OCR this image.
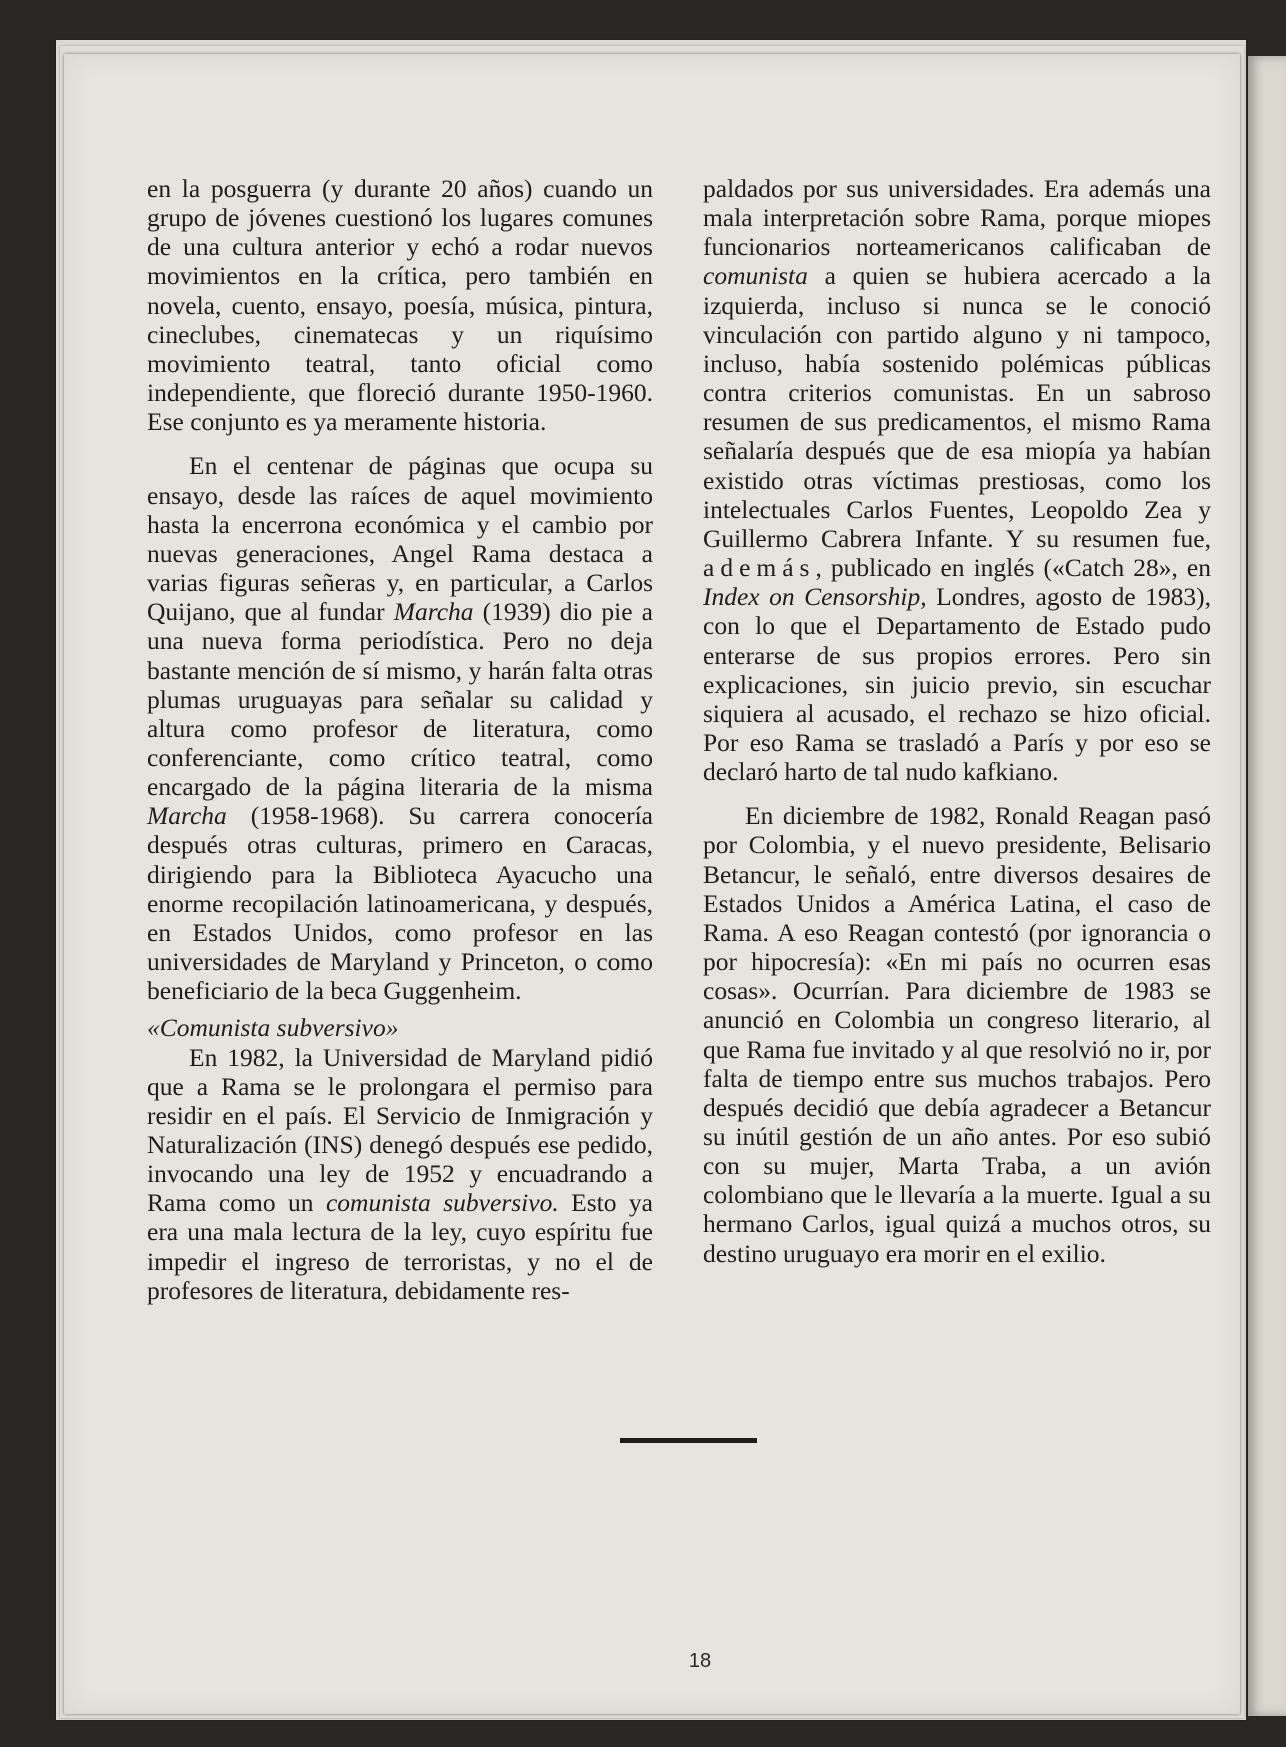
en la posguerra (y durante 20 años) cuando un grupo de jóvenes cuestionó los lugares comunes de una cultura anterior y echó a rodar nuevos movimientos en la crítica, pero también en novela, cuento, ensayo, poesía, música, pintura, cineclubes, cinematecas y un riquísimo movimiento teatral, tanto oficial como independiente, que floreció durante 1950-1960. Ese conjunto es ya meramente historia.

En el centenar de páginas que ocupa su ensayo, desde las raíces de aquel movimiento hasta la encerrona económica y el cambio por nuevas generaciones, Angel Rama destaca a varias figuras señeras y, en particular, a Carlos Quijano, que al fundar Marcha (1939) dio pie a una nueva forma periodística. Pero no deja bastante mención de sí mismo, y harán falta otras plumas uruguayas para señalar su calidad y altura como profesor de literatura, como conferenciante, como crítico teatral, como encargado de la página literaria de la misma Marcha (1958-1968). Su carrera conocería después otras culturas, primero en Caracas, dirigiendo para la Biblioteca Ayacucho una enorme recopilación latinoamericana, y después, en Estados Unidos, como profesor en las universidades de Maryland y Princeton, o como beneficiario de la beca Guggenheim.

«Comunista subversivo»

En 1982, la Universidad de Maryland pidió que a Rama se le prolongara el permiso para residir en el país. El Servicio de Inmigración y Naturalización (INS) denegó después ese pedido, invocando una ley de 1952 y encuadrando a Rama como un comunista subversivo. Esto ya era una mala lectura de la ley, cuyo espíritu fue impedir el ingreso de terroristas, y no el de profesores de literatura, debidamente res-

paldados por sus universidades. Era además una mala interpretación sobre Rama, porque miopes funcionarios norteamericanos calificaban de comunista a quien se hubiera acercado a la izquierda, incluso si nunca se le conoció vinculación con partido alguno y ni tampoco, incluso, había sostenido polémicas públicas contra criterios comunistas. En un sabroso resumen de sus predicamentos, el mismo Rama señalaría después que de esa miopía ya habían existido otras víctimas prestiosas, como los intelectuales Carlos Fuentes, Leopoldo Zea y Guillermo Cabrera Infante. Y su resumen fue, además, publicado en inglés («Catch 28», en Index on Censorship, Londres, agosto de 1983), con lo que el Departamento de Estado pudo enterarse de sus propios errores. Pero sin explicaciones, sin juicio previo, sin escuchar siquiera al acusado, el rechazo se hizo oficial. Por eso Rama se trasladó a París y por eso se declaró harto de tal nudo kafkiano.

En diciembre de 1982, Ronald Reagan pasó por Colombia, y el nuevo presidente, Belisario Betancur, le señaló, entre diversos desaires de Estados Unidos a América Latina, el caso de Rama. A eso Reagan contestó (por ignorancia o por hipocresía): «En mi país no ocurren esas cosas». Ocurrían. Para diciembre de 1983 se anunció en Colombia un congreso literario, al que Rama fue invitado y al que resolvió no ir, por falta de tiempo entre sus muchos trabajos. Pero después decidió que debía agradecer a Betancur su inútil gestión de un año antes. Por eso subió con su mujer, Marta Traba, a un avión colombiano que le llevaría a la muerte. Igual a su hermano Carlos, igual quizá a muchos otros, su destino uruguayo era morir en el exilio.

18
